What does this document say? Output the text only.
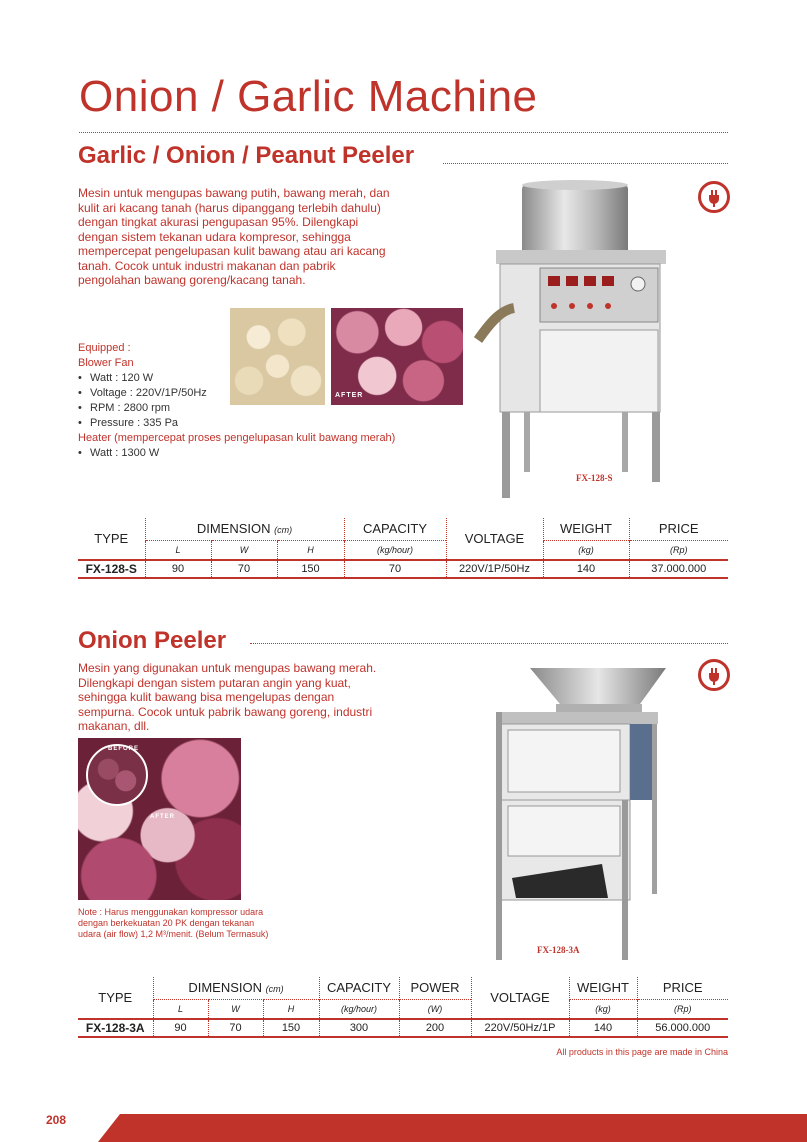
Onion / Garlic Machine
Garlic / Onion / Peanut Peeler

Mesin untuk mengupas bawang putih, bawang merah, dan kulit ari kacang tanah (harus dipanggang terlebih dahulu) dengan tingkat akurasi pengupasan 95%. Dilengkapi dengan sistem tekanan udara kompresor, sehingga mempercepat pengelupasan kulit bawang atau ari kacang tanah. Cocok untuk industri makanan dan pabrik pengolahan bawang goreng/kacang tanah.

AFTER
Equipped :
Blower Fan
• Watt : 120 W
• Voltage : 220V/1P/50Hz
• RPM : 2800 rpm
• Pressure : 335 Pa
Heater (mempercepat proses pengelupasan kulit bawang merah)
• Watt : 1300 W
FX-128-S
TYPE	DIMENSION (cm)			CAPACITY	VOLTAGE	WEIGHT	PRICE
	L	W	H	(kg/hour)		(kg)	(Rp)
FX-128-S	90	70	150	70	220V/1P/50Hz	140	37.000.000
Onion Peeler

Mesin yang digunakan untuk mengupas bawang merah. Dilengkapi dengan sistem putaran angin yang kuat, sehingga kulit bawang bisa mengelupas dengan sempurna. Cocok untuk pabrik bawang goreng, industri makanan, dll.

BEFORE
AFTER

Note : Harus menggunakan kompressor udara dengan berkekuatan 20 PK dengan tekanan udara (air flow) 1,2 M³/menit. (Belum Termasuk)

FX-128-3A
TYPE	DIMENSION (cm)			CAPACITY	POWER	VOLTAGE	WEIGHT	PRICE
	L	W	H	(kg/hour)	(W)		(kg)	(Rp)
FX-128-3A	90	70	150	300	200	220V/50Hz/1P	140	56.000.000
All products in this page are made in China
208
